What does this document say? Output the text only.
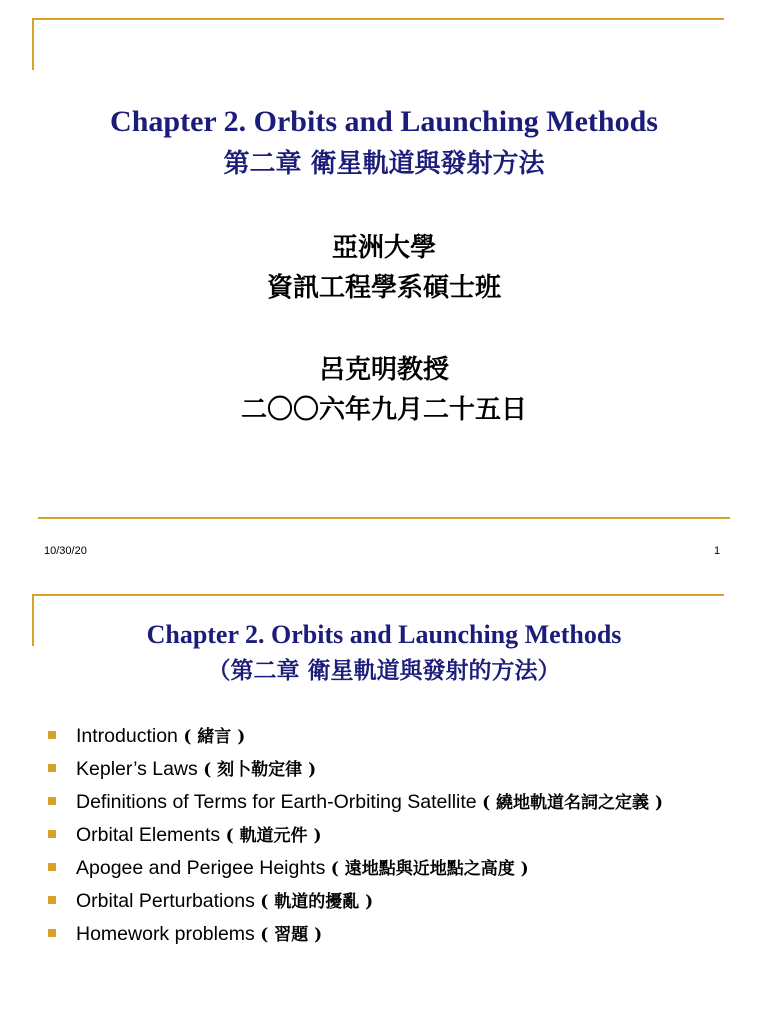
Chapter 2. Orbits and Launching Methods
第二章 衛星軌道與發射方法
亞洲大學
資訊工程學系碩士班
呂克明教授
二〇〇六年九月二十五日
10/30/20	1
Chapter 2. Orbits and Launching Methods
（第二章 衛星軌道與發射的方法）
Introduction ( 緒言 )
Kepler’s Laws ( 刻卜勒定律 )
Definitions of Terms for Earth-Orbiting Satellite ( 繞地軌道名詞之定義 )
Orbital Elements ( 軌道元件 )
Apogee and Perigee Heights ( 遠地點與近地點之高度 )
Orbital Perturbations ( 軌道的擾亂 )
Homework problems ( 習題 )
